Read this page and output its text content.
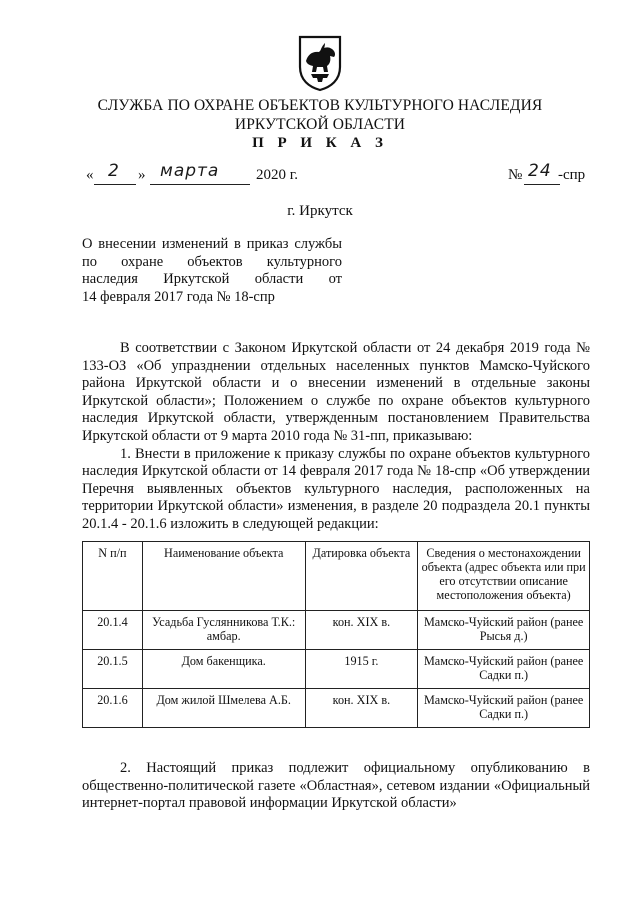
СЛУЖБА ПО ОХРАНЕ ОБЪЕКТОВ КУЛЬТУРНОГО НАСЛЕДИЯ
ИРКУТСКОЙ ОБЛАСТИ
П Р И К А З
« 2 » марта 2020 г.	№ 24 -спр
г. Иркутск
О внесении изменений в приказ службы
по охране объектов культурного
наследия Иркутской области от
14 февраля 2017 года № 18-спр

В соответствии с Законом Иркутской области от 24 декабря 2019 года № 133-ОЗ «Об упразднении отдельных населенных пунктов Мамско-Чуйского района Иркутской области и о внесении изменений в отдельные законы Иркутской области»; Положением о службе по охране объектов культурного наследия Иркутской области, утвержденным постановлением Правительства Иркутской области от 9 марта 2010 года № 31-пп, приказываю:

1. Внести в приложение к приказу службы по охране объектов культурного наследия Иркутской области от 14 февраля 2017 года № 18-спр «Об утверждении Перечня выявленных объектов культурного наследия, расположенных на территории Иркутской области» изменения, в разделе 20 подраздела 20.1 пункты 20.1.4 - 20.1.6 изложить в следующей редакции:

N п/п	Наименование объекта	Датировка объекта	Сведения о местонахождении объекта (адрес объекта или при его отсутствии описание местоположения объекта)
20.1.4	Усадьба Гуслянникова Т.К.: амбар.	кон. XIX в.	Мамско-Чуйский район (ранее Рысья д.)
20.1.5	Дом бакенщика.	1915 г.	Мамско-Чуйский район (ранее Садки п.)
20.1.6	Дом жилой Шмелева А.Б.	кон. XIX в.	Мамско-Чуйский район (ранее Садки п.)

2. Настоящий приказ подлежит официальному опубликованию в общественно-политической газете «Областная», сетевом издании «Официальный интернет-портал правовой информации Иркутской области»
